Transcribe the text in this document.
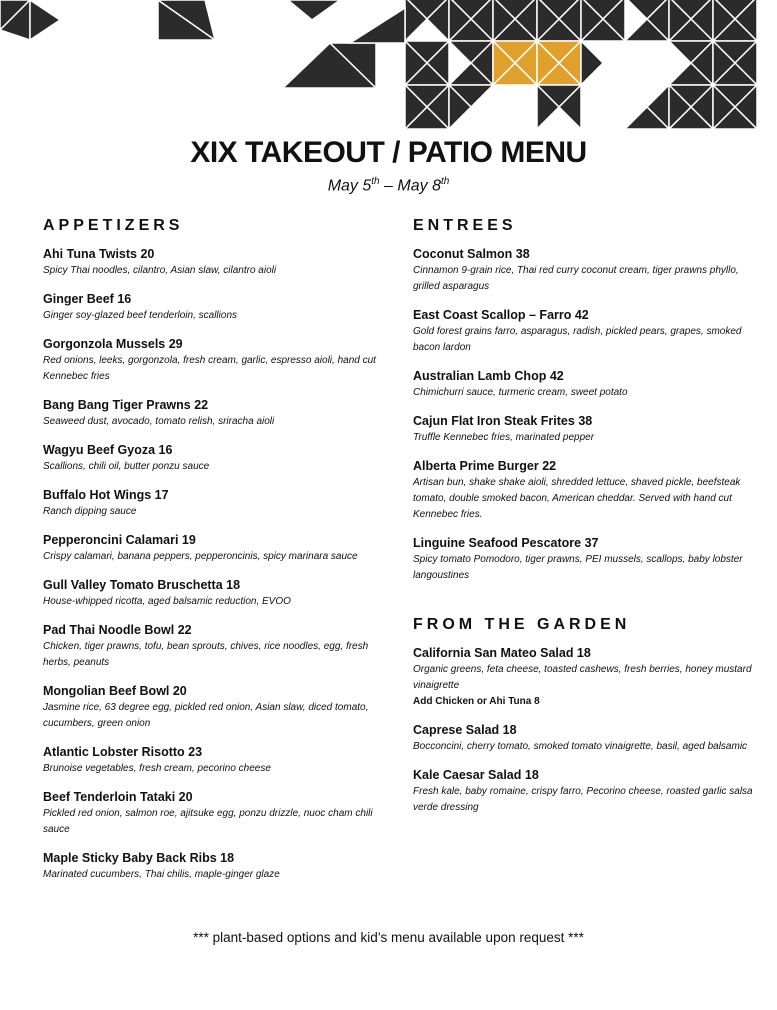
XIX TAKEOUT / PATIO MENU
May 5th – May 8th
APPETIZERS
Ahi Tuna Twists 20
Spicy Thai noodles, cilantro, Asian slaw, cilantro aioli
Ginger Beef 16
Ginger soy-glazed beef tenderloin, scallions
Gorgonzola Mussels 29
Red onions, leeks, gorgonzola, fresh cream, garlic, espresso aioli, hand cut Kennebec fries
Bang Bang Tiger Prawns 22
Seaweed dust, avocado, tomato relish, sriracha aioli
Wagyu Beef Gyoza 16
Scallions, chili oil, butter ponzu sauce
Buffalo Hot Wings 17
Ranch dipping sauce
Pepperoncini Calamari 19
Crispy calamari, banana peppers, pepperoncinis, spicy marinara sauce
Gull Valley Tomato Bruschetta 18
House-whipped ricotta, aged balsamic reduction, EVOO
Pad Thai Noodle Bowl 22
Chicken, tiger prawns, tofu, bean sprouts, chives, rice noodles, egg, fresh herbs, peanuts
Mongolian Beef Bowl 20
Jasmine rice, 63 degree egg, pickled red onion, Asian slaw, diced tomato, cucumbers, green onion
Atlantic Lobster Risotto 23
Brunoise vegetables, fresh cream, pecorino cheese
Beef Tenderloin Tataki 20
Pickled red onion, salmon roe, ajitsuke egg, ponzu drizzle, nuoc cham chili sauce
Maple Sticky Baby Back Ribs 18
Marinated cucumbers, Thai chilis, maple-ginger glaze
ENTREES
Coconut Salmon 38
Cinnamon 9-grain rice, Thai red curry coconut cream, tiger prawns phyllo, grilled asparagus
East Coast Scallop – Farro 42
Gold forest grains farro, asparagus, radish, pickled pears, grapes, smoked bacon lardon
Australian Lamb Chop 42
Chimichurri sauce, turmeric cream, sweet potato
Cajun Flat Iron Steak Frites 38
Truffle Kennebec fries, marinated pepper
Alberta Prime Burger 22
Artisan bun, shake shake aioli, shredded lettuce, shaved pickle, beefsteak tomato, double smoked bacon, American cheddar. Served with hand cut Kennebec fries.
Linguine Seafood Pescatore 37
Spicy tomato Pomodoro, tiger prawns, PEI mussels, scallops, baby lobster langoustines
FROM THE GARDEN
California San Mateo Salad 18
Organic greens, feta cheese, toasted cashews, fresh berries, honey mustard vinaigrette
Add Chicken or Ahi Tuna 8
Caprese Salad 18
Bocconcini, cherry tomato, smoked tomato vinaigrette, basil, aged balsamic
Kale Caesar Salad 18
Fresh kale, baby romaine, crispy farro, Pecorino cheese, roasted garlic salsa verde dressing
*** plant-based options and kid’s menu available upon request ***
